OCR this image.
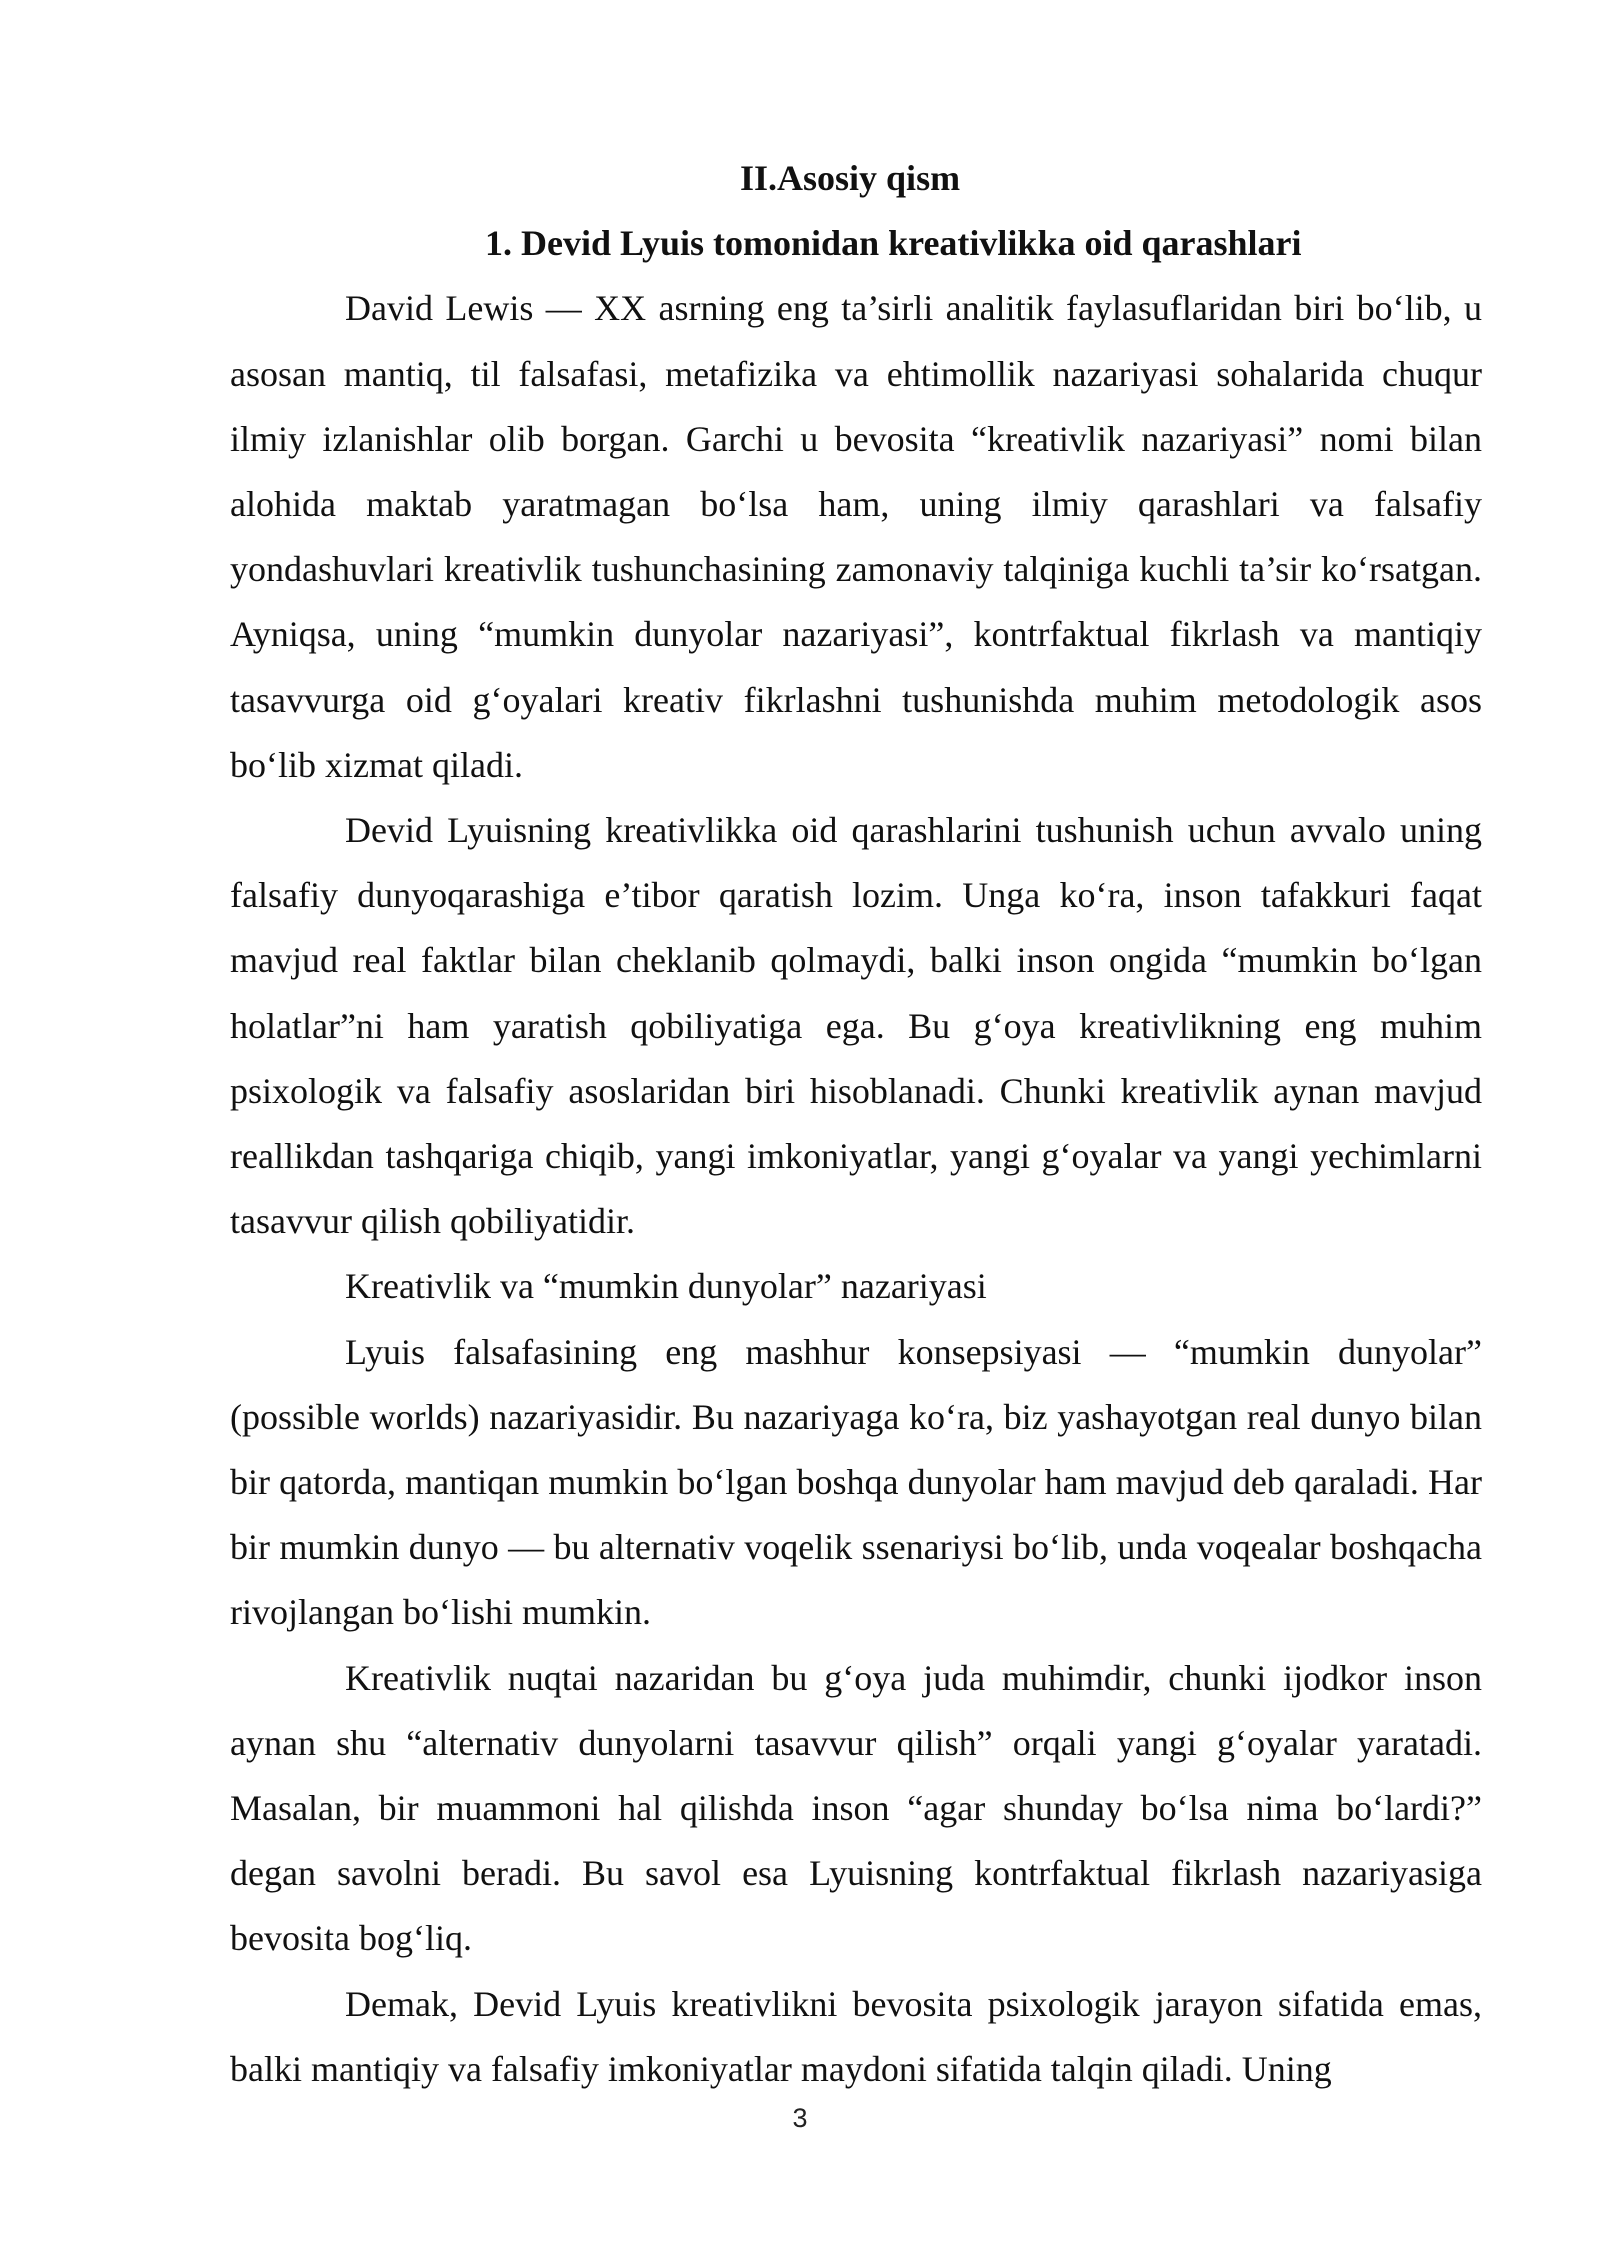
II.Asosiy qism
1. Devid Lyuis tomonidan kreativlikka oid qarashlari

David Lewis — XX asrning eng ta’sirli analitik faylasuflaridan biri bo‘lib, u asosan mantiq, til falsafasi, metafizika va ehtimollik nazariyasi sohalarida chuqur ilmiy izlanishlar olib borgan. Garchi u bevosita “kreativlik nazariyasi” nomi bilan alohida maktab yaratmagan bo‘lsa ham, uning ilmiy qarashlari va falsafiy yondashuvlari kreativlik tushunchasining zamonaviy talqiniga kuchli ta’sir ko‘rsatgan. Ayniqsa, uning “mumkin dunyolar nazariyasi”, kontrfaktual fikrlash va mantiqiy tasavvurga oid g‘oyalari kreativ fikrlashni tushunishda muhim metodologik asos bo‘lib xizmat qiladi.

Devid Lyuisning kreativlikka oid qarashlarini tushunish uchun avvalo uning falsafiy dunyoqarashiga e’tibor qaratish lozim. Unga ko‘ra, inson tafakkuri faqat mavjud real faktlar bilan cheklanib qolmaydi, balki inson ongida “mumkin bo‘lgan holatlar”ni ham yaratish qobiliyatiga ega. Bu g‘oya kreativlikning eng muhim psixologik va falsafiy asoslaridan biri hisoblanadi. Chunki kreativlik aynan mavjud reallikdan tashqariga chiqib, yangi imkoniyatlar, yangi g‘oyalar va yangi yechimlarni tasavvur qilish qobiliyatidir.

Kreativlik va “mumkin dunyolar” nazariyasi

Lyuis falsafasining eng mashhur konsepsiyasi — “mumkin dunyolar” (possible worlds) nazariyasidir. Bu nazariyaga ko‘ra, biz yashayotgan real dunyo bilan bir qatorda, mantiqan mumkin bo‘lgan boshqa dunyolar ham mavjud deb qaraladi. Har bir mumkin dunyo — bu alternativ voqelik ssenariysi bo‘lib, unda voqealar boshqacha rivojlangan bo‘lishi mumkin.

Kreativlik nuqtai nazaridan bu g‘oya juda muhimdir, chunki ijodkor inson aynan shu “alternativ dunyolarni tasavvur qilish” orqali yangi g‘oyalar yaratadi. Masalan, bir muammoni hal qilishda inson “agar shunday bo‘lsa nima bo‘lardi?” degan savolni beradi. Bu savol esa Lyuisning kontrfaktual fikrlash nazariyasiga bevosita bog‘liq.

Demak, Devid Lyuis kreativlikni bevosita psixologik jarayon sifatida emas, balki mantiqiy va falsafiy imkoniyatlar maydoni sifatida talqin qiladi. Uning

3
